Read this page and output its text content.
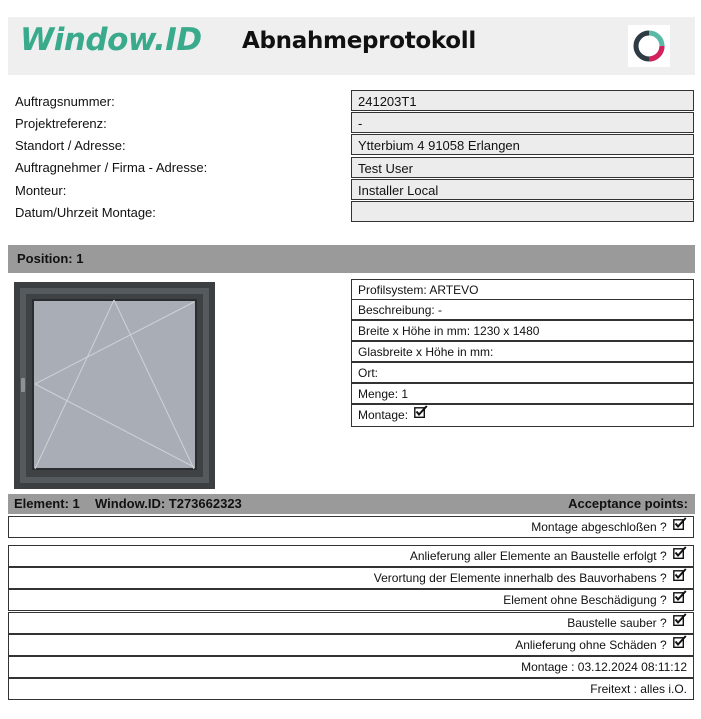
Window.ID Abnahmeprotokoll
Auftragsnummer:
Projektreferenz:
Standort / Adresse:
Auftragnehmer / Firma - Adresse:
Monteur:
Datum/Uhrzeit Montage:
241203T1
-
Ytterbium 4 91058 Erlangen
Test User
Installer Local
Position: 1
Profilsystem: ARTEVO
Beschreibung: -
Breite x Höhe in mm: 1230 x 1480
Glasbreite x Höhe in mm:
Ort:
Menge: 1
Montage:
Element: 1 Window.ID: T273662323	Acceptance points:
Montage abgeschloßen ?
Anlieferung aller Elemente an Baustelle erfolgt ?
Verortung der Elemente innerhalb des Bauvorhabens ?
Element ohne Beschädigung ?
Baustelle sauber ?
Anlieferung ohne Schäden ?
Montage : 03.12.2024 08:11:12
Freitext : alles i.O.
